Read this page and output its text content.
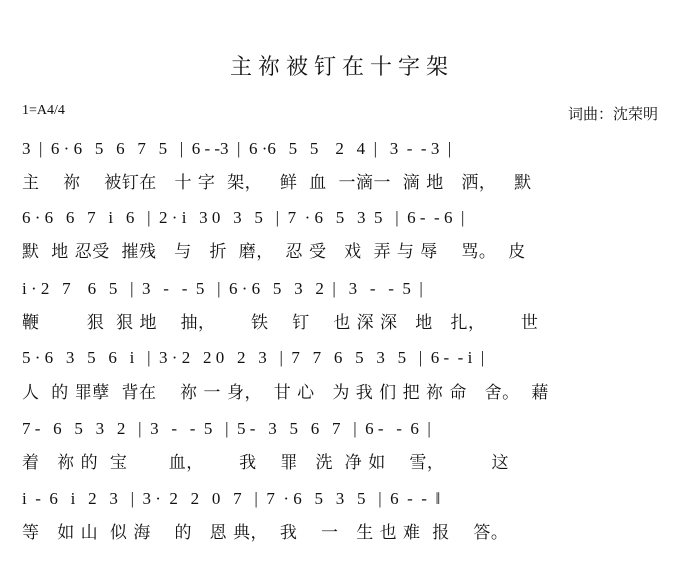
主祢被钉在十字架
1=A4/4	词曲：沈荣明
3  |  6 · 6   5   6   7   5   |  6 - -3  |  6 ·6   5   5    2   4  |   3  -  - 3  |
主    祢    被钉在   十 字  架，   鲜  血  一滴一  滴 地   洒，   默
6 · 6   6   7   i   6   |  2 · i   3 0   3   5   |  7  · 6   5   3  5   |  6 -  - 6  |
默  地 忍受  摧残   与   折  磨，  忍 受   戏  弄 与 辱    骂。  皮
i · 2   7    6   5   |  3   -   -  5   |  6 · 6   5   3   2  |   3   -   -  5  |
鞭        狠  狠 地    抽，      铁    钉    也 深 深   地   扎，      世
5 · 6   3   5   6   i   |  3 · 2   2 0   2   3   |  7   7   6   5   3   5   |  6 -  - i  |
人  的 罪孽  背在    祢 一 身，  甘 心   为 我 们 把 祢 命   舍。  藉
7 -   6   5   3   2   |  3   -   -  5   |  5 -   3   5   6   7   |  6 -   -  6  |
着   祢 的  宝       血，      我    罪   洗  净 如    雪，        这
i  -  6   i   2   3   |  3 ·  2   2   0   7   |  7  · 6   5   3   5   |  6  -  -  ‖
等   如 山  似 海    的   恩 典，  我    一   生 也 难  报    答。
